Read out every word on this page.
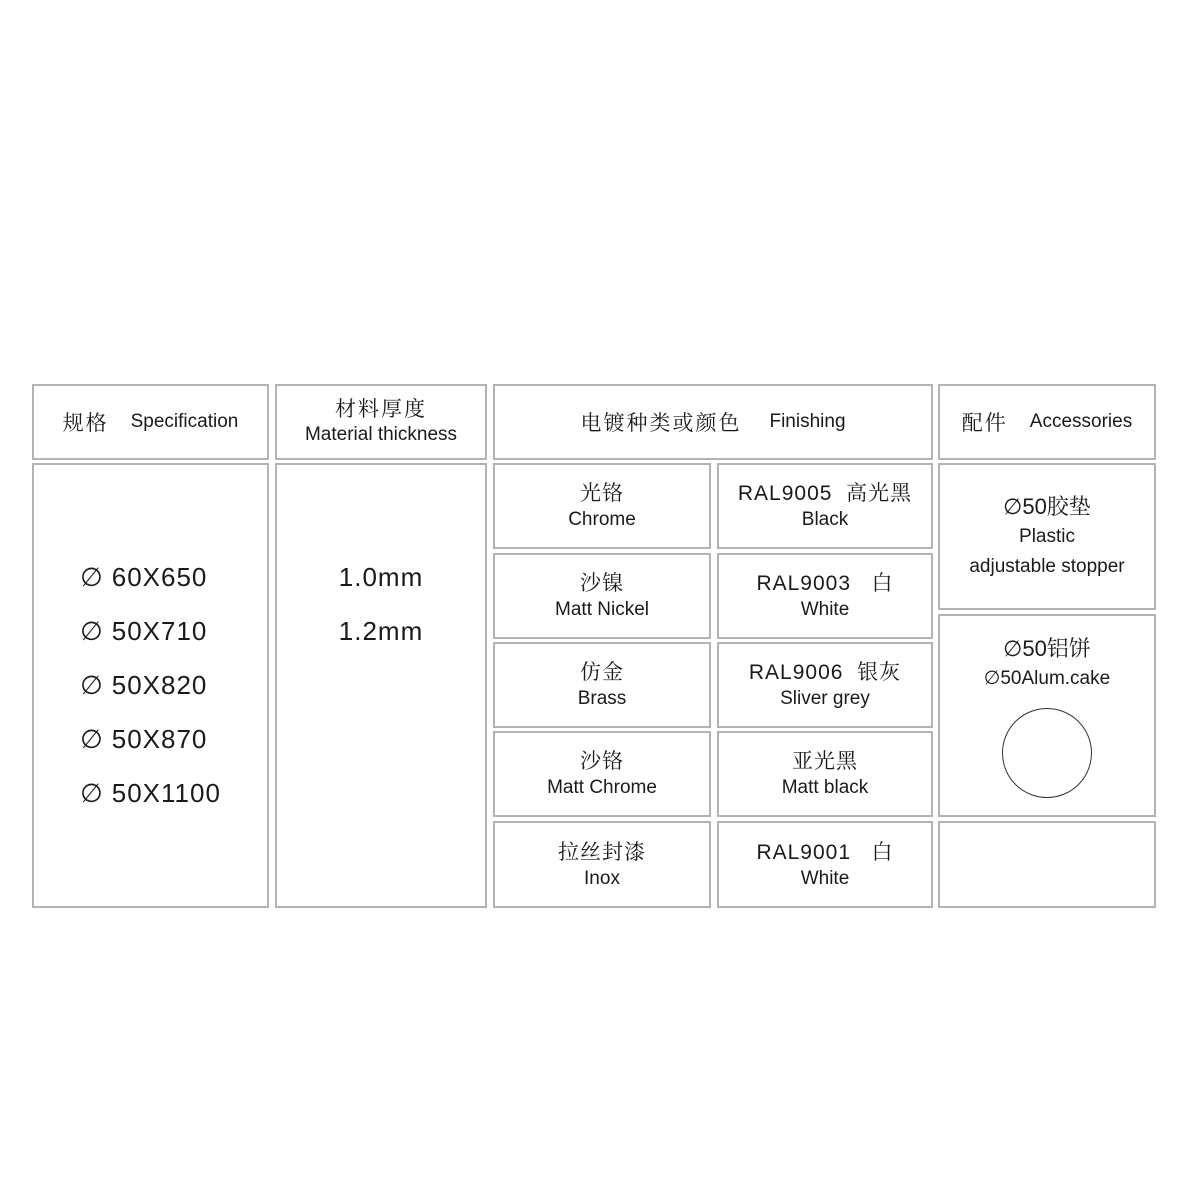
规格 Specification
材料厚度
Material thickness	电镀种类或颜色 Finishing	配件 Accessories
∅ 60X650
∅ 50X710
∅ 50X820
∅ 50X870
∅ 50X1100
1.0mm
1.2mm
光铬
Chrome
沙镍
Matt Nickel
仿金
Brass
沙铬
Matt Chrome
拉丝封漆
Inox
RAL9005  高光黑
Black
RAL9003   白
White
RAL9006  银灰
Sliver grey
亚光黑
Matt black
RAL9001   白
White
∅50胶垫
Plastic
adjustable stopper
∅50铝饼
∅50Alum.cake
